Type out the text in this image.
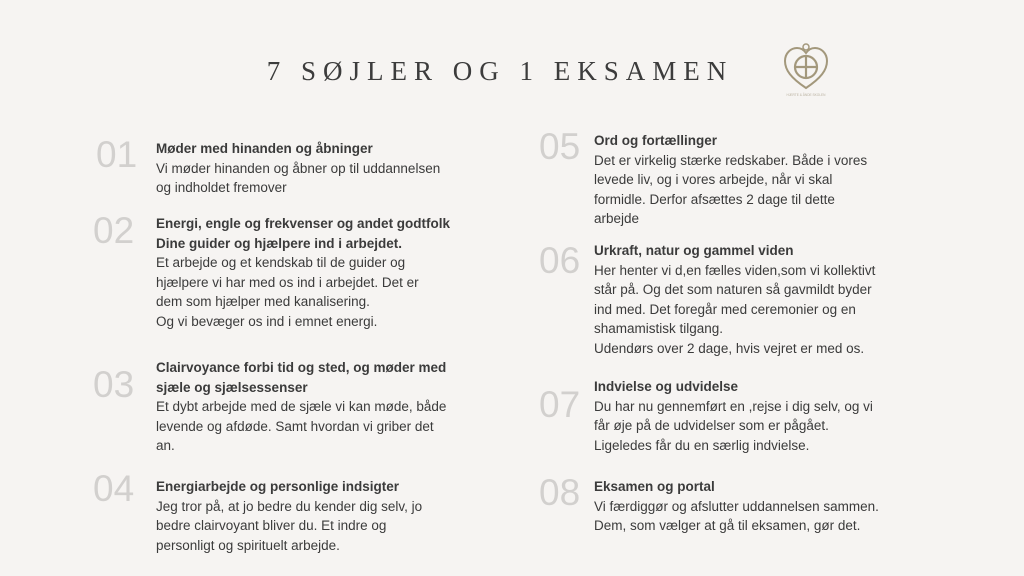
7 SØJLER OG 1 EKSAMEN
HJERTE & ÅNDE SKOLEN
01 Møder med hinanden og åbninger
Vi møder hinanden og åbner op til uddannelsen
og indholdet fremover
02 Energi, engle og frekvenser og andet godtfolk
Dine guider og hjælpere ind i arbejdet.
Et arbejde og et kendskab til de guider og
hjælpere vi har med os ind i arbejdet. Det er
dem som hjælper med kanalisering.
Og vi bevæger os ind i emnet energi.
03 Clairvoyance forbi tid og sted, og møder med
sjæle og sjælsessenser
Et dybt arbejde med de sjæle vi kan møde, både
levende og afdøde. Samt hvordan vi griber det
an.
04 Energiarbejde og personlige indsigter
Jeg tror på, at jo bedre du kender dig selv, jo
bedre clairvoyant bliver du. Et indre og
personligt og spirituelt arbejde.
05 Ord og fortællinger
Det er virkelig stærke redskaber. Både i vores
levede liv, og i vores arbejde, når vi skal
formidle. Derfor afsættes 2 dage til dette
arbejde
06 Urkraft, natur og gammel viden
Her henter vi d,en fælles viden,som vi kollektivt
står på. Og det som naturen så gavmildt byder
ind med. Det foregår med ceremonier og en
shamamistisk tilgang.
Udendørs over 2 dage, hvis vejret er med os.
07 Indvielse og udvidelse
Du har nu gennemført en ,rejse i dig selv, og vi
får øje på de udvidelser som er pågået.
Ligeledes får du en særlig indvielse.
08 Eksamen og portal
Vi færdiggør og afslutter uddannelsen sammen.
Dem, som vælger at gå til eksamen, gør det.
